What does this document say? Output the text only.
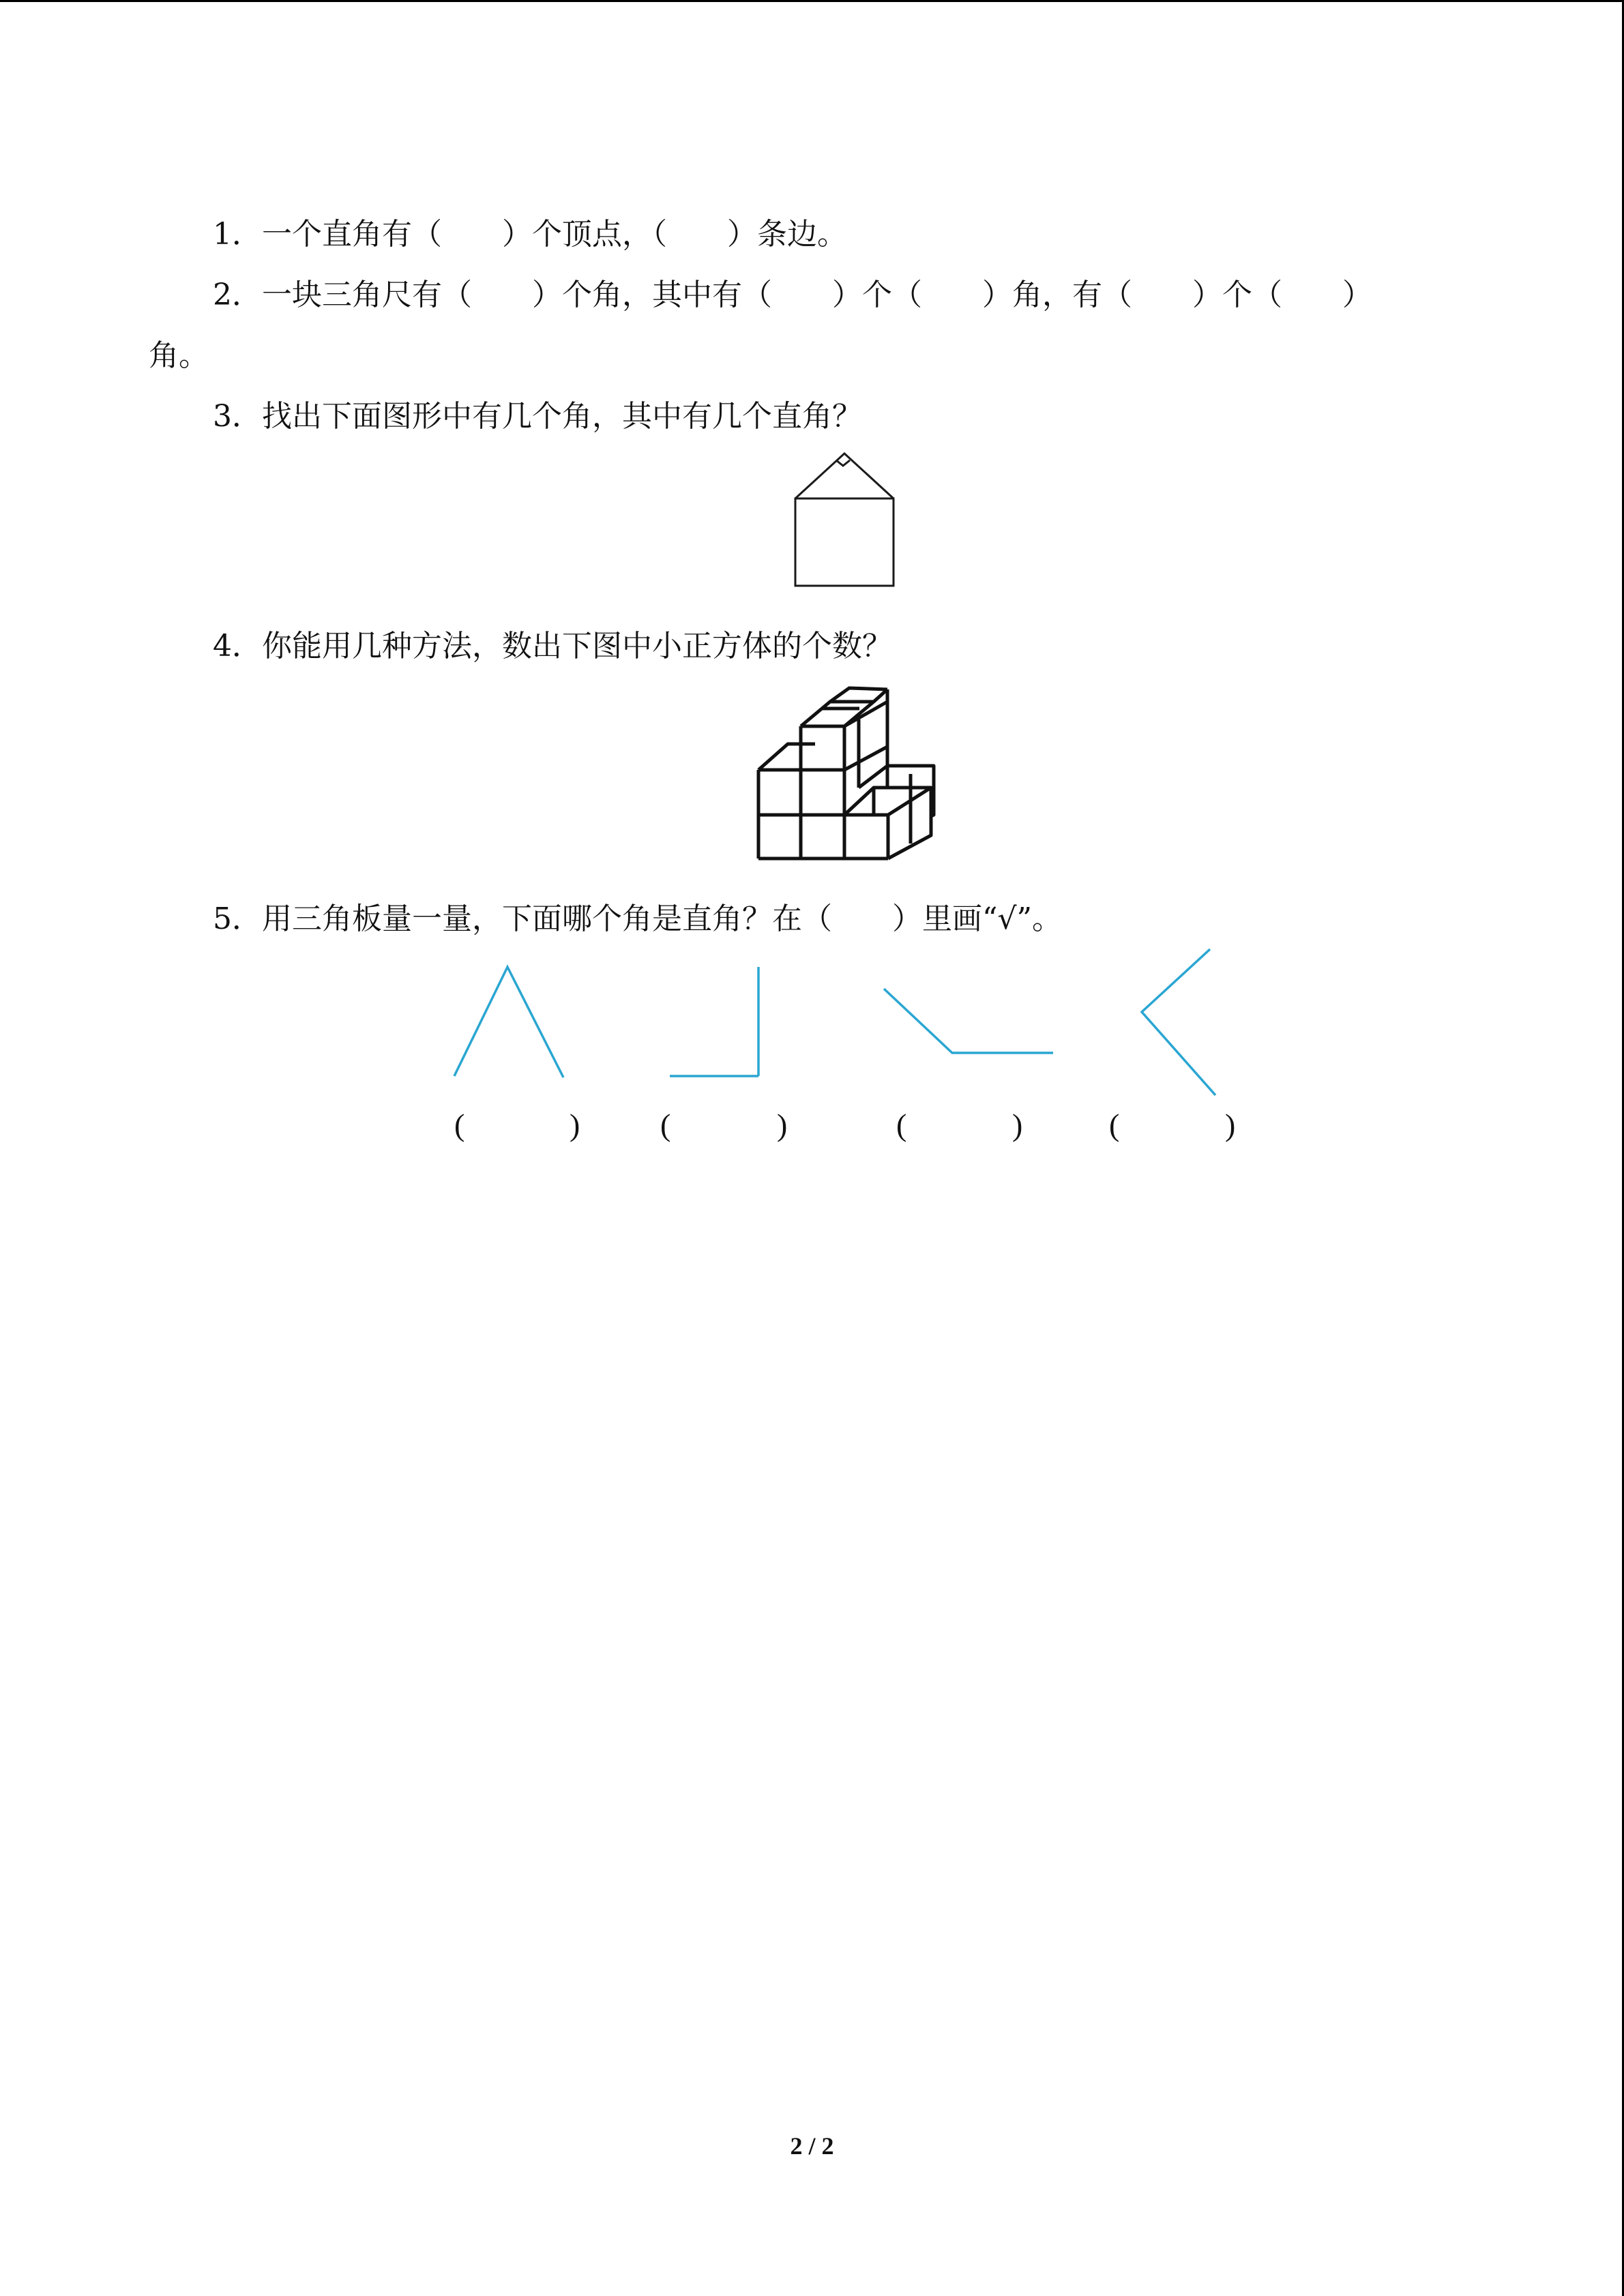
1．一个直角有（　　）个顶点，（　　）条边。
2．一块三角尺有（　　）个角，其中有（　　）个（　　）角，有（　　）个（　　）
角。
3．找出下面图形中有几个角，其中有几个直角？
4．你能用几种方法，数出下图中小正方体的个数？
5．用三角板量一量，下面哪个角是直角？在（　　）里画“√”。
(	)	(	)	(	)	(	)
2 / 2
